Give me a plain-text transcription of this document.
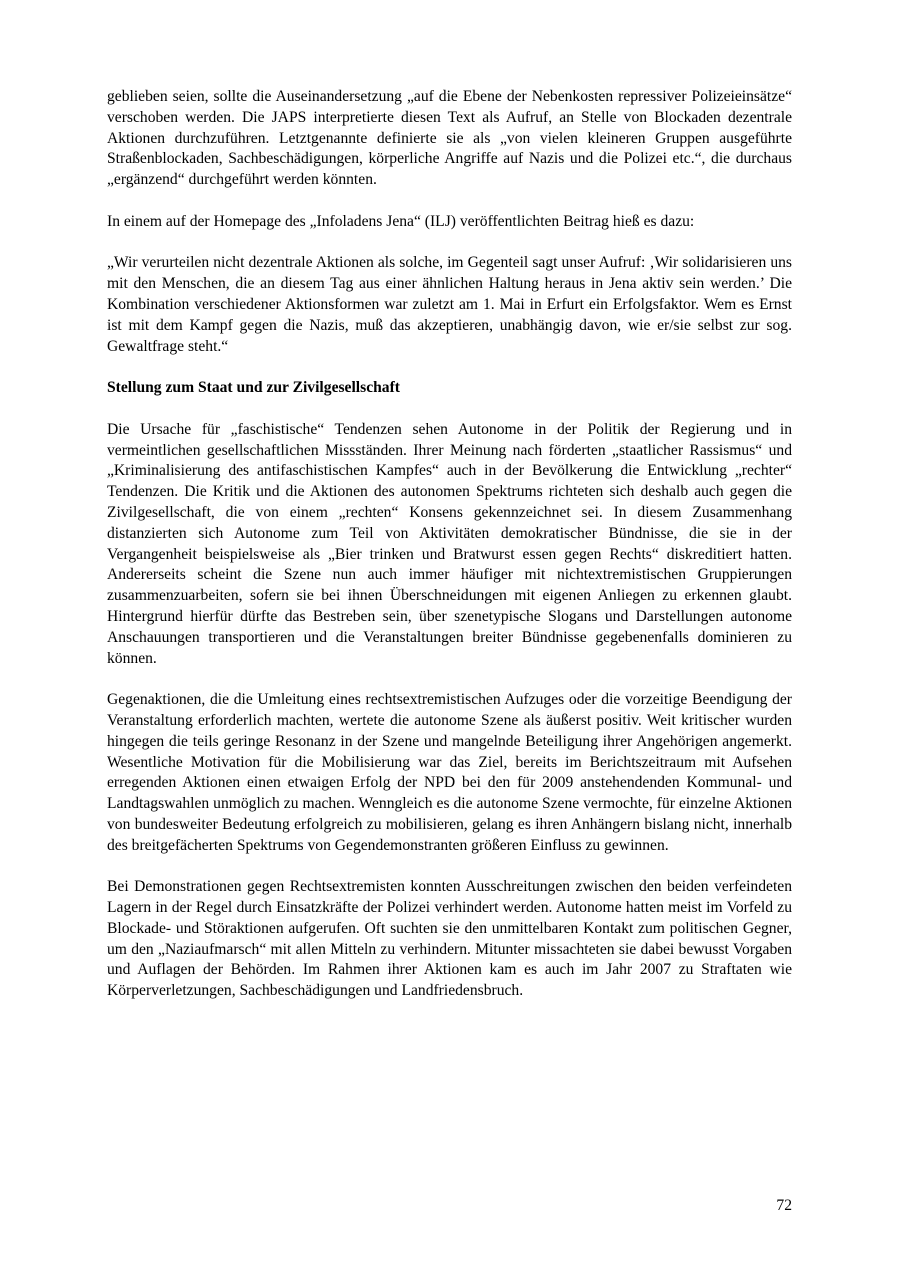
geblieben seien, sollte die Auseinandersetzung „auf die Ebene der Nebenkosten repressiver Polizeieinsätze“ verschoben werden. Die JAPS interpretierte diesen Text als Aufruf, an Stelle von Blockaden dezentrale Aktionen durchzuführen. Letztgenannte definierte sie als „von vielen kleineren Gruppen ausgeführte Straßenblockaden, Sachbeschädigungen, körperliche Angriffe auf Nazis und die Polizei etc.“, die durchaus „ergänzend“ durchgeführt werden könnten.

In einem auf der Homepage des „Infoladens Jena“ (ILJ) veröffentlichten Beitrag hieß es dazu:

„Wir verurteilen nicht dezentrale Aktionen als solche, im Gegenteil sagt unser Aufruf: ‚Wir solidarisieren uns mit den Menschen, die an diesem Tag aus einer ähnlichen Haltung heraus in Jena aktiv sein werden.’ Die Kombination verschiedener Aktionsformen war zuletzt am 1. Mai in Erfurt ein Erfolgsfaktor. Wem es Ernst ist mit dem Kampf gegen die Nazis, muß das akzeptieren, unabhängig davon, wie er/sie selbst zur sog. Gewaltfrage steht.“

Stellung zum Staat und zur Zivilgesellschaft

Die Ursache für „faschistische“ Tendenzen sehen Autonome in der Politik der Regierung und in vermeintlichen gesellschaftlichen Missständen. Ihrer Meinung nach förderten „staatlicher Rassismus“ und „Kriminalisierung des antifaschistischen Kampfes“ auch in der Bevölkerung die Entwicklung „rechter“ Tendenzen. Die Kritik und die Aktionen des autonomen Spektrums richteten sich deshalb auch gegen die Zivilgesellschaft, die von einem „rechten“ Konsens gekennzeichnet sei. In diesem Zusammenhang distanzierten sich Autonome zum Teil von Aktivitäten demokratischer Bündnisse, die sie in der Vergangenheit beispielsweise als „Bier trinken und Bratwurst essen gegen Rechts“ diskreditiert hatten. Andererseits scheint die Szene nun auch immer häufiger mit nichtextremistischen Gruppierungen zusammenzuarbeiten, sofern sie bei ihnen Überschneidungen mit eigenen Anliegen zu erkennen glaubt. Hintergrund hierfür dürfte das Bestreben sein, über szenetypische Slogans und Darstellungen autonome Anschauungen transportieren und die Veranstaltungen breiter Bündnisse gegebenenfalls dominieren zu können.

Gegenaktionen, die die Umleitung eines rechtsextremistischen Aufzuges oder die vorzeitige Beendigung der Veranstaltung erforderlich machten, wertete die autonome Szene als äußerst positiv. Weit kritischer wurden hingegen die teils geringe Resonanz in der Szene und mangelnde Beteiligung ihrer Angehörigen angemerkt. Wesentliche Motivation für die Mobilisierung war das Ziel, bereits im Berichtszeitraum mit Aufsehen erregenden Aktionen einen etwaigen Erfolg der NPD bei den für 2009 anstehendenden Kommunal- und Landtagswahlen unmöglich zu machen. Wenngleich es die autonome Szene vermochte, für einzelne Aktionen von bundesweiter Bedeutung erfolgreich zu mobilisieren, gelang es ihren Anhängern bislang nicht, innerhalb des breitgefächerten Spektrums von Gegendemonstranten größeren Einfluss zu gewinnen.

Bei Demonstrationen gegen Rechtsextremisten konnten Ausschreitungen zwischen den beiden verfeindeten Lagern in der Regel durch Einsatzkräfte der Polizei verhindert werden. Autonome hatten meist im Vorfeld zu Blockade- und Störaktionen aufgerufen. Oft suchten sie den unmittelbaren Kontakt zum politischen Gegner, um den „Naziaufmarsch“ mit allen Mitteln zu verhindern. Mitunter missachteten sie dabei bewusst Vorgaben und Auflagen der Behörden. Im Rahmen ihrer Aktionen kam es auch im Jahr 2007 zu Straftaten wie Körperverletzungen, Sachbeschädigungen und Landfriedensbruch.

72
